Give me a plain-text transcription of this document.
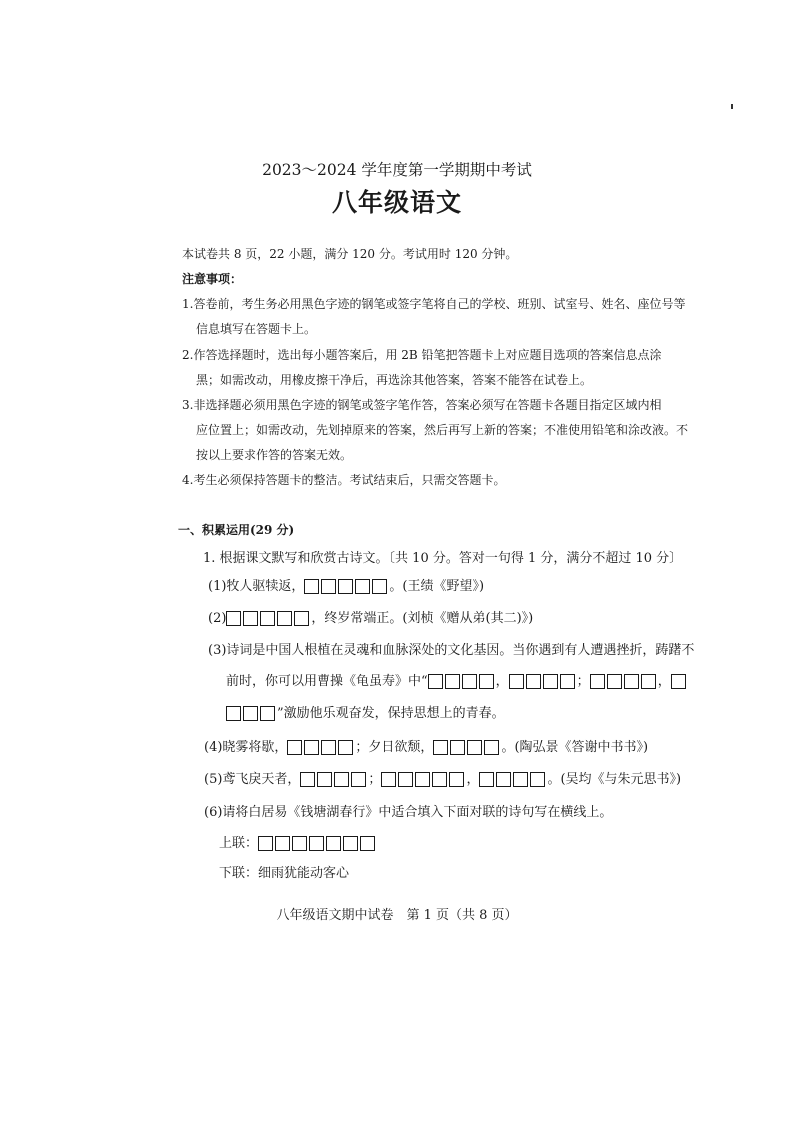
2023～2024 学年度第一学期期中考试
八年级语文
本试卷共 8 页，22 小题，满分 120 分。考试用时 120 分钟。
注意事项：
1.答卷前，考生务必用黑色字迹的钢笔或签字笔将自己的学校、班别、试室号、姓名、座位号等
信息填写在答题卡上。
2.作答选择题时，选出每小题答案后，用 2B 铅笔把答题卡上对应题目选项的答案信息点涂
黑；如需改动，用橡皮擦干净后，再选涂其他答案，答案不能答在试卷上。
3.非选择题必须用黑色字迹的钢笔或签字笔作答，答案必须写在答题卡各题目指定区域内相
应位置上；如需改动，先划掉原来的答案，然后再写上新的答案；不准使用铅笔和涂改液。不
按以上要求作答的答案无效。
4.考生必须保持答题卡的整洁。考试结束后，只需交答题卡。
一、积累运用(29 分)
1. 根据课文默写和欣赏古诗文。〔共 10 分。答对一句得 1 分，满分不超过 10 分〕
(1)牧人驱犊返，	。(王绩《野望》)
(2)	，终岁常端正。(刘桢《赠从弟(其二)》)
(3)诗词是中国人根植在灵魂和血脉深处的文化基因。当你遇到有人遭遇挫折，踌躇不
前时，你可以用曹操《龟虽寿》中“	，	；	，
”激励他乐观奋发，保持思想上的青春。
(4)晓雾将歇，	；夕日欲颓，	。(陶弘景《答谢中书书》)
(5)鸢飞戾天者，	；	，	。(吴均《与朱元思书》)
(6)请将白居易《钱塘湖春行》中适合填入下面对联的诗句写在横线上。
上联：
下联：细雨犹能动客心
八年级语文期中试卷　第 1 页（共 8 页）
